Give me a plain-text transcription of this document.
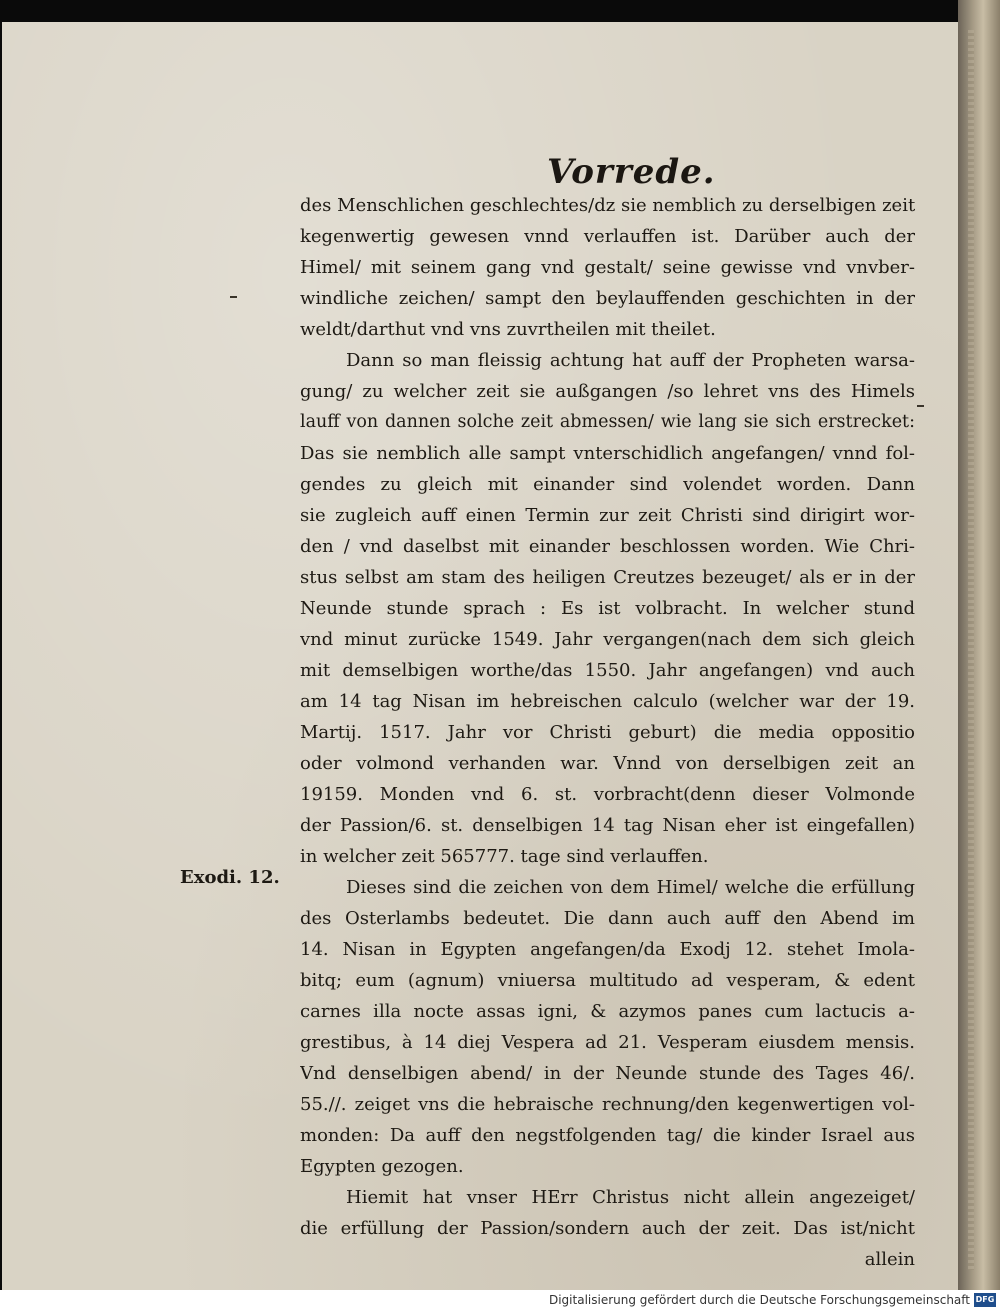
Vorrede.
Exodi. 12.
des Menschlichen geschlechtes/dz sie nemblich zu derselbigen zeit
kegenwertig gewesen vnnd verlauffen ist. Darüber auch der
Himel/ mit seinem gang vnd gestalt/ seine gewisse vnd vnvber-
windliche zeichen/ sampt den beylauffenden geschichten in der
weldt/darthut vnd vns zuvrtheilen mit theilet.
Dann so man fleissig achtung hat auff der Propheten warsa-
gung/ zu welcher zeit sie außgangen /so lehret vns des Himels
lauff von dannen solche zeit abmessen/ wie lang sie sich erstrecket:
Das sie nemblich alle sampt vnterschidlich angefangen/ vnnd fol-
gendes zu gleich mit einander sind volendet worden. Dann
sie zugleich auff einen Termin zur zeit Christi sind dirigirt wor-
den / vnd daselbst mit einander beschlossen worden. Wie Chri-
stus selbst am stam des heiligen Creutzes bezeuget/ als er in der
Neunde stunde sprach : Es ist volbracht. In welcher stund
vnd minut zurücke 1549. Jahr vergangen(nach dem sich gleich
mit demselbigen worthe/das 1550. Jahr angefangen) vnd auch
am 14 tag Nisan im hebreischen calculo (welcher war der 19.
Martij. 1517. Jahr vor Christi geburt) die media oppositio
oder volmond verhanden war. Vnnd von derselbigen zeit an
19159. Monden vnd 6. st. vorbracht(denn dieser Volmonde
der Passion/6. st. denselbigen 14 tag Nisan eher ist eingefallen)
in welcher zeit 565777. tage sind verlauffen.
Dieses sind die zeichen von dem Himel/ welche die erfüllung
des Osterlambs bedeutet. Die dann auch auff den Abend im
14. Nisan in Egypten angefangen/da Exodj 12. stehet Imola-
bitq; eum (agnum) vniuersa multitudo ad vesperam, & edent
carnes illa nocte assas igni, & azymos panes cum lactucis a-
grestibus, à 14 diej Vespera ad 21. Vesperam eiusdem mensis.
Vnd denselbigen abend/ in der Neunde stunde des Tages 46/.
55.//. zeiget vns die hebraische rechnung/den kegenwertigen vol-
monden: Da auff den negstfolgenden tag/ die kinder Israel aus
Egypten gezogen.
Hiemit hat vnser HErr Christus nicht allein angezeiget/
die erfüllung der Passion/sondern auch der zeit. Das ist/nicht
allein
Digitalisierung gefördert durch die Deutsche Forschungsgemeinschaft DFG
